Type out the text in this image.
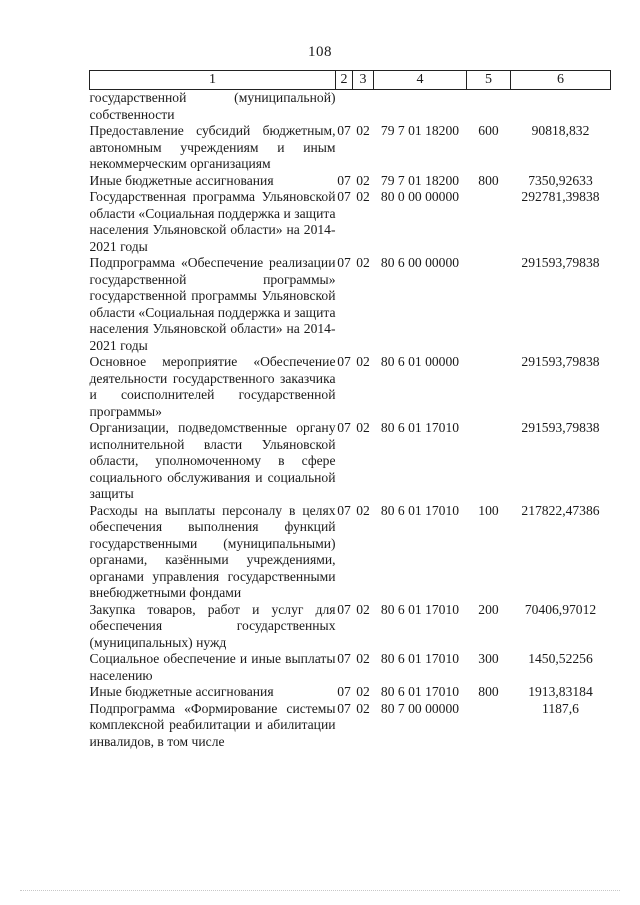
108
1	2	3	4	5	6
государственной (муниципальной) собственности					
Предоставление субсидий бюджетным, автономным учреждениям и иным некоммерческим организациям	07	02	79 7 01 18200	600	90818,832
Иные бюджетные ассигнования	07	02	79 7 01 18200	800	7350,92633
Государственная программа Ульяновской области «Социальная поддержка и защита населения Ульяновской области» на 2014-2021 годы	07	02	80 0 00 00000		292781,39838
Подпрограмма «Обеспечение реализации государственной программы» государственной программы Ульяновской области «Социальная поддержка и защита населения Ульяновской области» на 2014-2021 годы	07	02	80 6 00 00000		291593,79838
Основное мероприятие «Обеспечение деятельности государственного заказчика и соисполнителей государственной программы»	07	02	80 6 01 00000		291593,79838
Организации, подведомственные органу исполнительной власти Ульяновской области, уполномоченному в сфере социального обслуживания и социальной защиты	07	02	80 6 01 17010		291593,79838
Расходы на выплаты персоналу в целях обеспечения выполнения функций государственными (муниципальными) органами, казёнными учреждениями, органами управления государственными внебюджетными фондами	07	02	80 6 01 17010	100	217822,47386
Закупка товаров, работ и услуг для обеспечения государственных (муниципальных) нужд	07	02	80 6 01 17010	200	70406,97012
Социальное обеспечение и иные выплаты населению	07	02	80 6 01 17010	300	1450,52256
Иные бюджетные ассигнования	07	02	80 6 01 17010	800	1913,83184
Подпрограмма «Формирование системы комплексной реабилитации и абилитации инвалидов, в том числе	07	02	80 7 00 00000		1187,6
